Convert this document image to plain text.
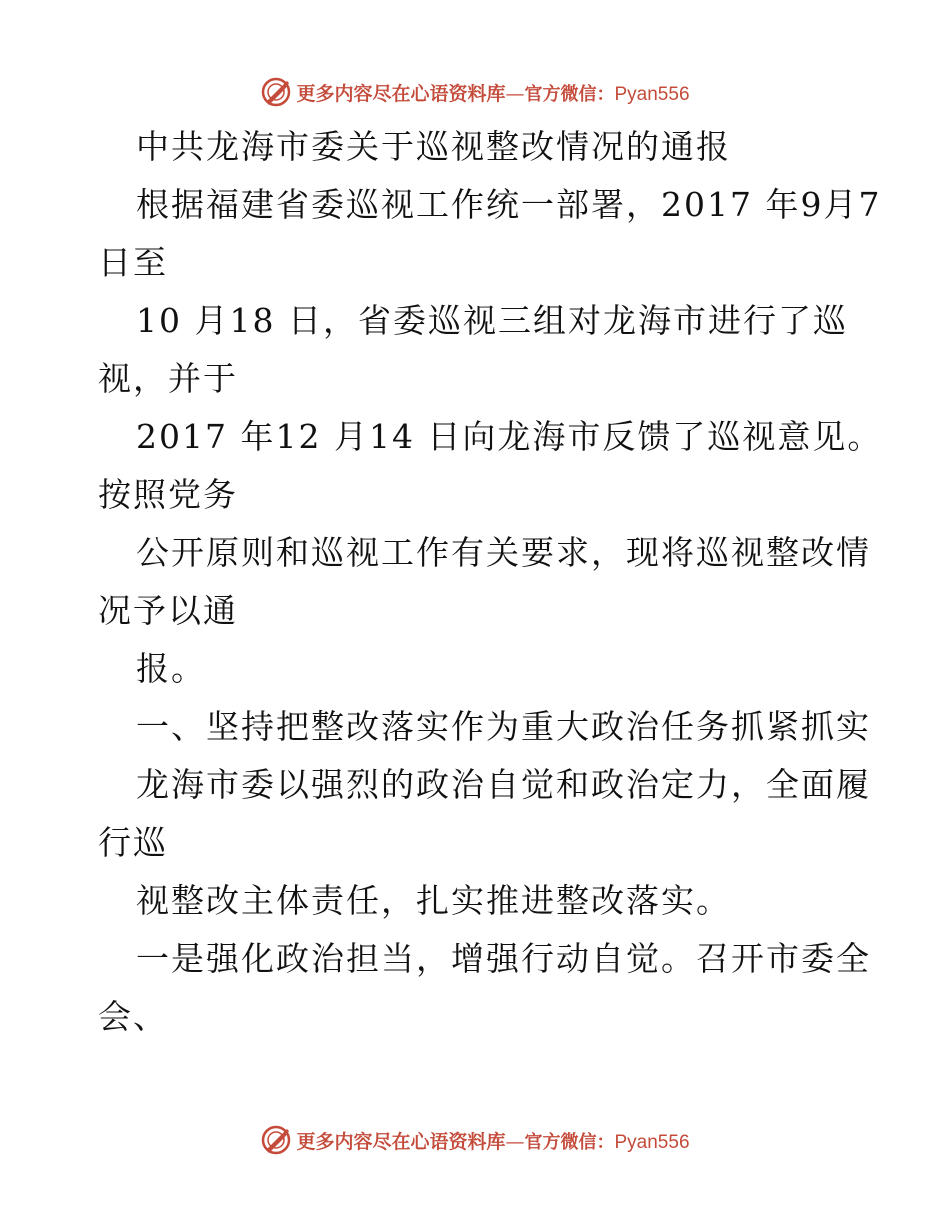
更多内容尽在心语资料库 — 官方微信： Pyan556
中共龙海市委关于巡视整改情况的通报
根据福建省委巡视工作统一部署，2017 年9月7
日至
10 月18 日，省委巡视三组对龙海市进行了巡
视，并于
2017 年12 月14 日向龙海市反馈了巡视意见。
按照党务
公开原则和巡视工作有关要求，现将巡视整改情
况予以通
报。
一、坚持把整改落实作为重大政治任务抓紧抓实
龙海市委以强烈的政治自觉和政治定力，全面履
行巡
视整改主体责任，扎实推进整改落实。
一是强化政治担当，增强行动自觉。召开市委全
会、
更多内容尽在心语资料库 — 官方微信： Pyan556
